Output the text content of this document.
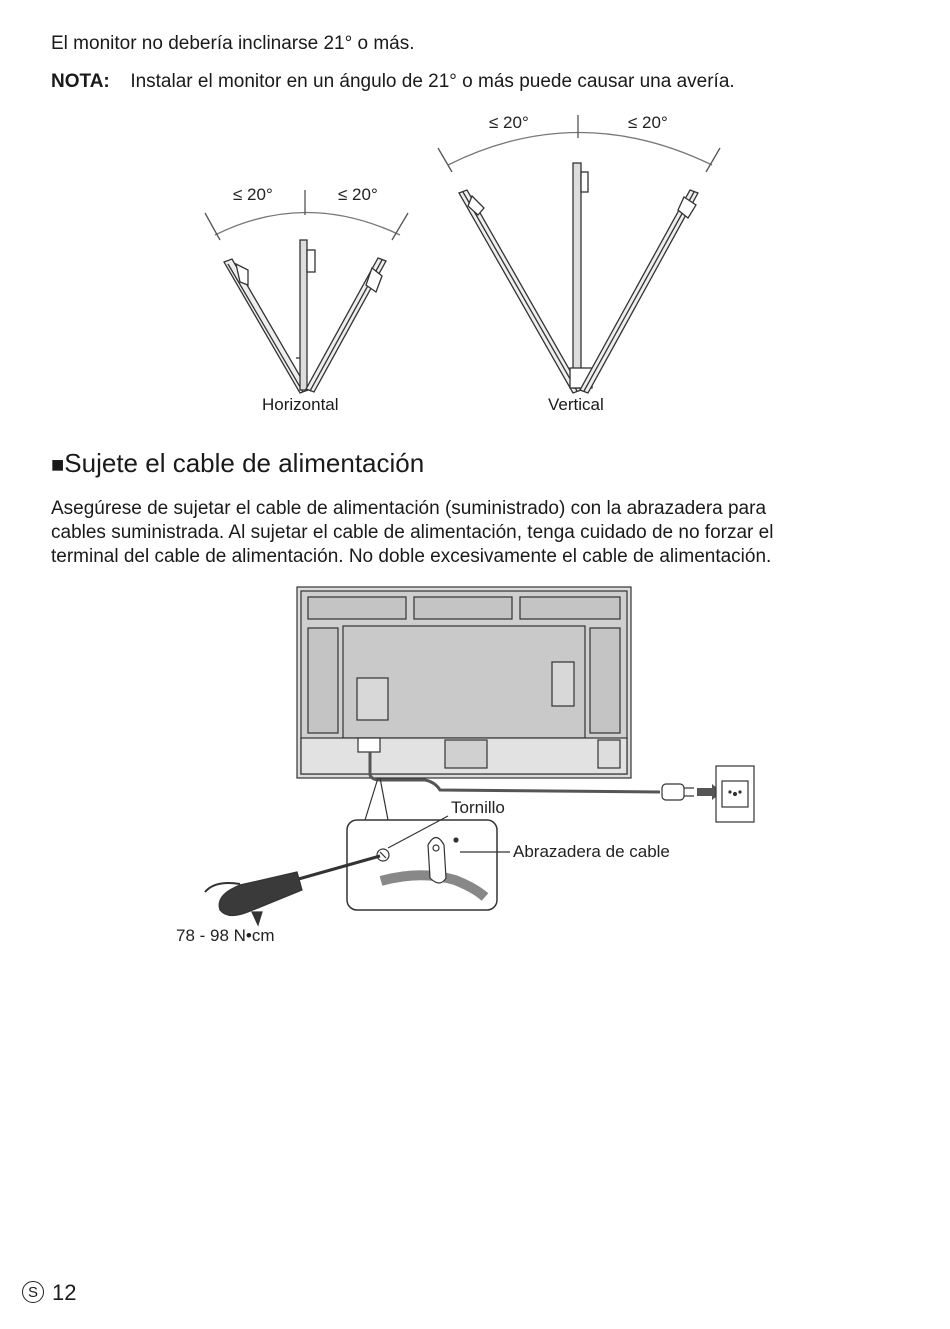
El monitor no debería inclinarse 21° o más.
NOTA: Instalar el monitor en un ángulo de 21° o más puede causar una avería.
≤ 20°	≤ 20°
≤ 20°	≤ 20°
Horizontal	Vertical
■Sujete el cable de alimentación
Asegúrese de sujetar el cable de alimentación (suministrado) con la abrazadera para
cables suministrada. Al sujetar el cable de alimentación, tenga cuidado de no forzar el
terminal del cable de alimentación. No doble excesivamente el cable de alimentación.
Tornillo
Abrazadera de cable
78 - 98 N•cm
S 12
